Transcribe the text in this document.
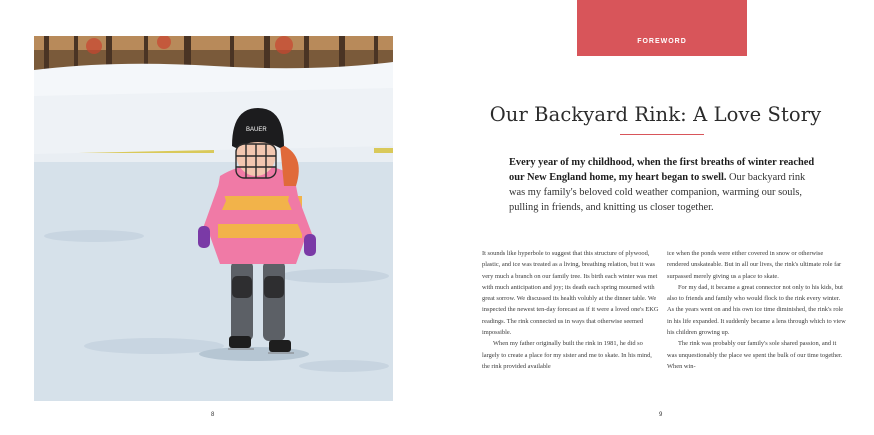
BAUER
8
FOREWORD
Our Backyard Rink: A Love Story

Every year of my childhood, when the first breaths of winter reached our New England home, my heart began to swell. Our backyard rink was my family's beloved cold weather companion, warming our souls, pulling in friends, and knitting us closer together.

It sounds like hyperbole to suggest that this structure of plywood, plastic, and ice was treated as a living, breathing relation, but it was very much a branch on our family tree. Its birth each winter was met with much anticipation and joy; its death each spring mourned with great sorrow. We discussed its health volubly at the dinner table. We inspected the newest ten-day forecast as if it were a loved one's EKG readings. The rink connected us in ways that otherwise seemed impossible.

When my father originally built the rink in 1981, he did so largely to create a place for my sister and me to skate. In his mind, the rink provided available

ice when the ponds were either covered in snow or otherwise rendered unskateable. But in all our lives, the rink's ultimate role far surpassed merely giving us a place to skate.

For my dad, it became a great connector not only to his kids, but also to friends and family who would flock to the rink every winter. As the years went on and his own ice time diminished, the rink's role in his life expanded. It suddenly became a lens through which to view his children growing up.

The rink was probably our family's sole shared passion, and it was unquestionably the place we spent the bulk of our time together. When win-

9
